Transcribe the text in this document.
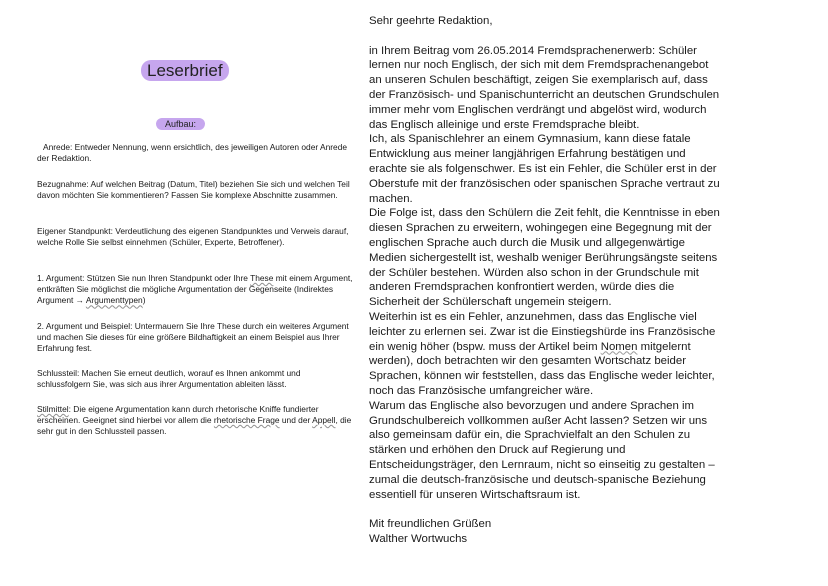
Leserbrief
Aufbau:

Anrede: Entweder Nennung, wenn ersichtlich, des jeweiligen Autoren oder Anrede der Redaktion.

Bezugnahme: Auf welchen Beitrag (Datum, Titel) beziehen Sie sich und welchen Teil davon möchten Sie kommentieren? Fassen Sie komplexe Abschnitte zusammen.

Eigener Standpunkt: Verdeutlichung des eigenen Standpunktes und Verweis darauf, welche Rolle Sie selbst einnehmen (Schüler, Experte, Betroffener).

1. Argument: Stützen Sie nun Ihren Standpunkt oder Ihre These mit einem Argument, entkräften Sie möglichst die mögliche Argumentation der Gegenseite (Indirektes Argument → Argumenttypen)

2. Argument und Beispiel: Untermauern Sie Ihre These durch ein weiteres Argument und machen Sie dieses für eine größere Bildhaftigkeit an einem Beispiel aus Ihrer Erfahrung fest.

Schlussteil: Machen Sie erneut deutlich, worauf es Ihnen ankommt und schlussfolgern Sie, was sich aus ihrer Argumentation ableiten lässt.

Stilmittel: Die eigene Argumentation kann durch rhetorische Kniffe fundierter erscheinen. Geeignet sind hierbei vor allem die rhetorische Frage und der Appell, die sehr gut in den Schlussteil passen.

Sehr geehrte Redaktion,

in Ihrem Beitrag vom 26.05.2014 Fremdsprachenerwerb: Schüler lernen nur noch Englisch, der sich mit dem Fremdsprachenangebot an unseren Schulen beschäftigt, zeigen Sie exemplarisch auf, dass der Französisch- und Spanischunterricht an deutschen Grundschulen immer mehr vom Englischen verdrängt und abgelöst wird, wodurch das Englisch alleinige und erste Fremdsprache bleibt.

Ich, als Spanischlehrer an einem Gymnasium, kann diese fatale Entwicklung aus meiner langjährigen Erfahrung bestätigen und erachte sie als folgenschwer. Es ist ein Fehler, die Schüler erst in der Oberstufe mit der französischen oder spanischen Sprache vertraut zu machen.

Die Folge ist, dass den Schülern die Zeit fehlt, die Kenntnisse in eben diesen Sprachen zu erweitern, wohingegen eine Begegnung mit der englischen Sprache auch durch die Musik und allgegenwärtige Medien sichergestellt ist, weshalb weniger Berührungsängste seitens der Schüler bestehen. Würden also schon in der Grundschule mit anderen Fremdsprachen konfrontiert werden, würde dies die Sicherheit der Schülerschaft ungemein steigern.

Weiterhin ist es ein Fehler, anzunehmen, dass das Englische viel leichter zu erlernen sei. Zwar ist die Einstiegshürde ins Französische ein wenig höher (bspw. muss der Artikel beim Nomen mitgelernt werden), doch betrachten wir den gesamten Wortschatz beider Sprachen, können wir feststellen, dass das Englische weder leichter, noch das Französische umfangreicher wäre.

Warum das Englische also bevorzugen und andere Sprachen im Grundschulbereich vollkommen außer Acht lassen? Setzen wir uns also gemeinsam dafür ein, die Sprachvielfalt an den Schulen zu stärken und erhöhen den Druck auf Regierung und Entscheidungsträger, den Lernraum, nicht so einseitig zu gestalten – zumal die deutsch-französische und deutsch-spanische Beziehung essentiell für unseren Wirtschaftsraum ist.

Mit freundlichen Grüßen

Walther Wortwuchs
